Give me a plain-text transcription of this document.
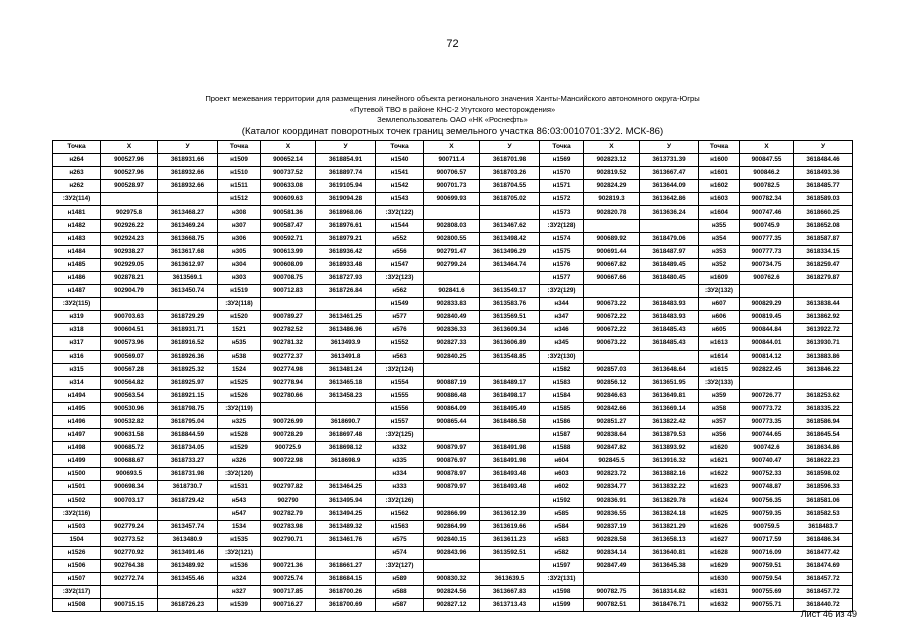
72
Проект межевания территории для размещения линейного объекта регионального значения Ханты-Мансийского автономного округа-Югры
«Путевой ТВО в районе КНС-2 Угутского месторождения»
Землепользователь ОАО «НК «Роснефть»
(Каталог координат поворотных точек границ земельного участка 86:03:0010701:ЗУ2. МСК-86)
Точка	X	У	Точка	X	У	Точка	X	У	Точка	X	У	Точка	X	У
н264	900527.96	3618931.66	н1509	900652.14	3618854.91	н1540	900711.4	3618701.98	н1569	902823.12	3613731.39	н1600	900847.55	3618484.46
н263	900527.96	3618932.66	н1510	900737.52	3618897.74	н1541	900706.57	3618703.26	н1570	902819.52	3613667.47	н1601	900846.2	3618493.36
н262	900528.97	3618932.66	н1511	900633.08	3619105.94	н1542	900701.73	3618704.55	н1571	902824.29	3613644.09	н1602	900782.5	3618485.77
:ЗУ2(114)			н1512	900609.63	3619094.28	н1543	900699.93	3618705.02	н1572	902819.3	3613642.86	н1603	900782.34	3618589.03
н1481	902975.8	3613468.27	н308	900581.36	3618968.06	:ЗУ2(122)			н1573	902820.78	3613636.24	н1604	900747.46	3618660.25
н1482	902926.22	3613469.24	н307	900587.47	3618976.61	н1544	902808.03	3613467.62	:ЗУ2(128)			н355	900745.9	3618652.08
н1483	902924.23	3613668.75	н306	900592.71	3618979.21	н552	902800.55	3613498.42	н1574	900689.92	3618479.06	н354	900777.35	3618587.87
н1484	902938.27	3613617.68	н305	900613.99	3618936.42	н556	902791.47	3613496.29	н1575	900691.44	3618487.97	н353	900777.73	3618334.15
н1485	902929.05	3613612.97	н304	900608.09	3618933.48	н1547	902799.24	3613464.74	н1576	900667.82	3618489.45	н352	900734.75	3618259.47
н1486	902878.21	3613569.1	н303	900708.75	3618727.93	:ЗУ2(123)			н1577	900667.66	3618480.45	н1609	900762.6	3618279.87
н1487	902904.79	3613450.74	н1519	900712.83	3618726.84	н562	902841.6	3613549.17	:ЗУ2(129)			:ЗУ2(132)		
:ЗУ2(115)			:ЗУ2(118)			н1549	902833.83	3613583.76	н344	900673.22	3618483.93	н607	900829.29	3613838.44
н319	900703.63	3618729.29	н1520	900789.27	3613461.25	н577	902840.49	3613569.51	н347	900672.22	3618483.93	н606	900819.45	3613862.92
н318	900604.51	3618931.71	1521	902782.52	3613486.96	н576	902836.33	3613609.34	н346	900672.22	3618485.43	н605	900844.84	3613922.72
н317	900573.96	3618916.52	н535	902781.32	3613493.9	н1552	902827.33	3613606.89	н345	900673.22	3618485.43	н1613	900844.01	3613930.71
н316	900569.07	3618926.36	н538	902772.37	3613491.8	н563	902840.25	3613548.85	:ЗУ2(130)			н1614	900814.12	3613883.86
н315	900567.28	3618925.32	1524	902774.98	3613481.24	:ЗУ2(124)			н1582	902857.03	3613648.64	н1615	902822.45	3613846.22
н314	900564.82	3618925.97	н1525	902778.94	3613465.18	н1554	900887.19	3618489.17	н1583	902856.12	3613651.95	:ЗУ2(133)		
н1494	900563.54	3618921.15	н1526	902780.66	3613458.23	н1555	900886.48	3618498.17	н1584	902846.63	3613649.81	н359	900726.77	3618253.62
н1495	900530.96	3618798.75	:ЗУ2(119)			н1556	900864.09	3618495.49	н1585	902842.66	3613669.14	н358	900773.72	3618335.22
н1496	900532.82	3618795.04	н325	900726.99	3618690.7	н1557	900865.44	3618486.58	н1586	902851.27	3613822.42	н357	900773.35	3618586.94
н1497	900631.58	3618844.59	н1528	900728.29	3618697.48	:ЗУ2(125)			н1587	902838.64	3613879.53	н356	900744.65	3618645.54
н1498	900685.72	3618734.05	н1529	900725.9	3618698.12	н332	900879.97	3618491.98	н1588	902847.82	3613893.92	н1620	900742.6	3618634.86
н1499	900688.67	3618733.27	н326	900722.98	3618698.9	н335	900876.97	3618491.98	н604	902845.5	3613916.32	н1621	900740.47	3618622.23
н1500	900693.5	3618731.98	:ЗУ2(120)			н334	900878.97	3618493.48	н603	902823.72	3613882.16	н1622	900752.33	3618598.02
н1501	900698.34	3618730.7	н1531	902797.82	3613464.25	н333	900879.97	3618493.48	н602	902834.77	3613832.22	н1623	900748.87	3618596.33
н1502	900703.17	3618729.42	н543	902790	3613495.94	:ЗУ2(126)			н1592	902836.91	3613829.78	н1624	900756.35	3618581.06
:ЗУ2(116)			н547	902782.79	3613494.25	н1562	902866.99	3613612.39	н585	902836.55	3613824.18	н1625	900759.35	3618582.53
н1503	902779.24	3613457.74	1534	902783.98	3613489.32	н1563	902864.99	3613619.66	н584	902837.19	3613821.29	н1626	900759.5	3618483.7
1504	902773.52	3613480.9	н1535	902790.71	3613461.76	н575	902840.15	3613611.23	н583	902828.58	3613658.13	н1627	900717.59	3618486.34
н1526	902770.92	3613491.46	:ЗУ2(121)			н574	902843.96	3613592.51	н582	902834.14	3613640.81	н1628	900716.09	3618477.42
н1506	902764.38	3613489.92	н1536	900721.36	3618661.27	:ЗУ2(127)			н1597	902847.49	3613645.38	н1629	900759.51	3618474.69
н1507	902772.74	3613455.46	н324	900725.74	3618684.15	н589	900830.32	3613639.5	:ЗУ2(131)			н1630	900759.54	3618457.72
:ЗУ2(117)			н327	900717.85	3618700.26	н588	902824.56	3613667.83	н1598	900782.75	3618314.82	н1631	900755.69	3618457.72
н1508	900715.15	3618726.23	н1539	900716.27	3618700.69	н587	902827.12	3613713.43	н1599	900782.51	3618476.71	н1632	900755.71	3618440.72
Лист 46 из 49
